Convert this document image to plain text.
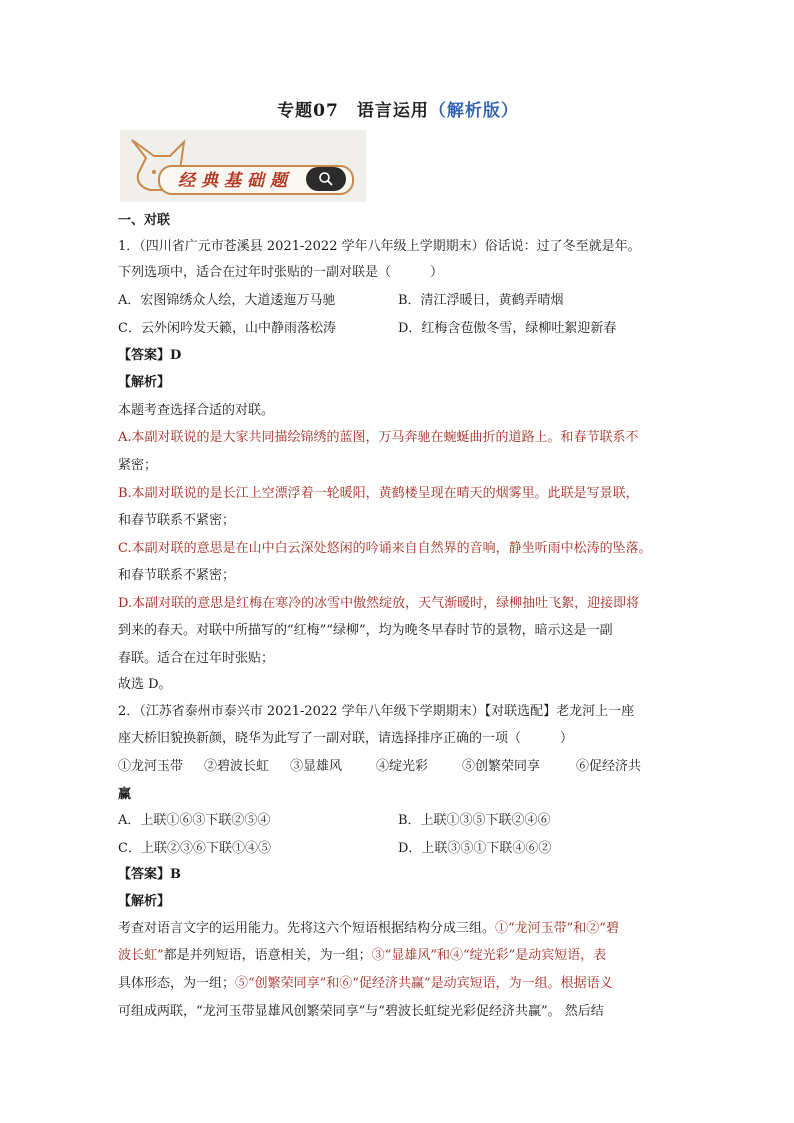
专题07　语言运用（解析版）
经典基础题
一、对联
1．（四川省广元市苍溪县 2021-2022 学年八年级上学期期末）俗话说：过了冬至就是年。
下列选项中，适合在过年时张贴的一副对联是（　　　）
A．宏图锦绣众人绘，大道逶迤万马驰	B．清江浮暖日，黄鹤弄晴烟
C．云外闲吟发天籁，山中静雨落松涛	D．红梅含苞傲冬雪，绿柳吐絮迎新春
【答案】D
【解析】
本题考查选择合适的对联。
A.本副对联说的是大家共同描绘锦绣的蓝图，万马奔驰在蜿蜒曲折的道路上。和春节联系不
紧密；
B.本副对联说的是长江上空漂浮着一轮暖阳，黄鹤楼呈现在晴天的烟雾里。此联是写景联，
和春节联系不紧密；
C.本副对联的意思是在山中白云深处悠闲的吟诵来自自然界的音响，静坐听雨中松涛的坠落。
和春节联系不紧密；
D.本副对联的意思是红梅在寒冷的冰雪中傲然绽放，天气渐暖时，绿柳抽吐飞絮，迎接即将
到来的春天。对联中所描写的“红梅”“绿柳”，均为晚冬早春时节的景物，暗示这是一副
春联。适合在过年时张贴；
故选 D。
2．（江苏省泰州市泰兴市 2021-2022 学年八年级下学期期末）【对联选配】老龙河上一座
座大桥旧貌换新颜，晓华为此写了一副对联，请选择排序正确的一项（　　　）
①龙河玉带 ②碧波长虹 ③显雄风	④绽光彩	⑤创繁荣同享	⑥促经济共
赢
A．上联①⑥③下联②⑤④	B．上联①③⑤下联②④⑥
C．上联②③⑥下联①④⑤	D．上联③⑤①下联④⑥②
【答案】B
【解析】
考查对语言文字的运用能力。先将这六个短语根据结构分成三组。①“龙河玉带”和②“碧
波长虹”都是并列短语，语意相关，为一组；③“显雄风”和④“绽光彩”是动宾短语，表
具体形态，为一组；⑤“创繁荣同享”和⑥“促经济共赢”是动宾短语，为一组。根据语义
可组成两联，“龙河玉带显雄风创繁荣同享”与“碧波长虹绽光彩促经济共赢”。 然后结
